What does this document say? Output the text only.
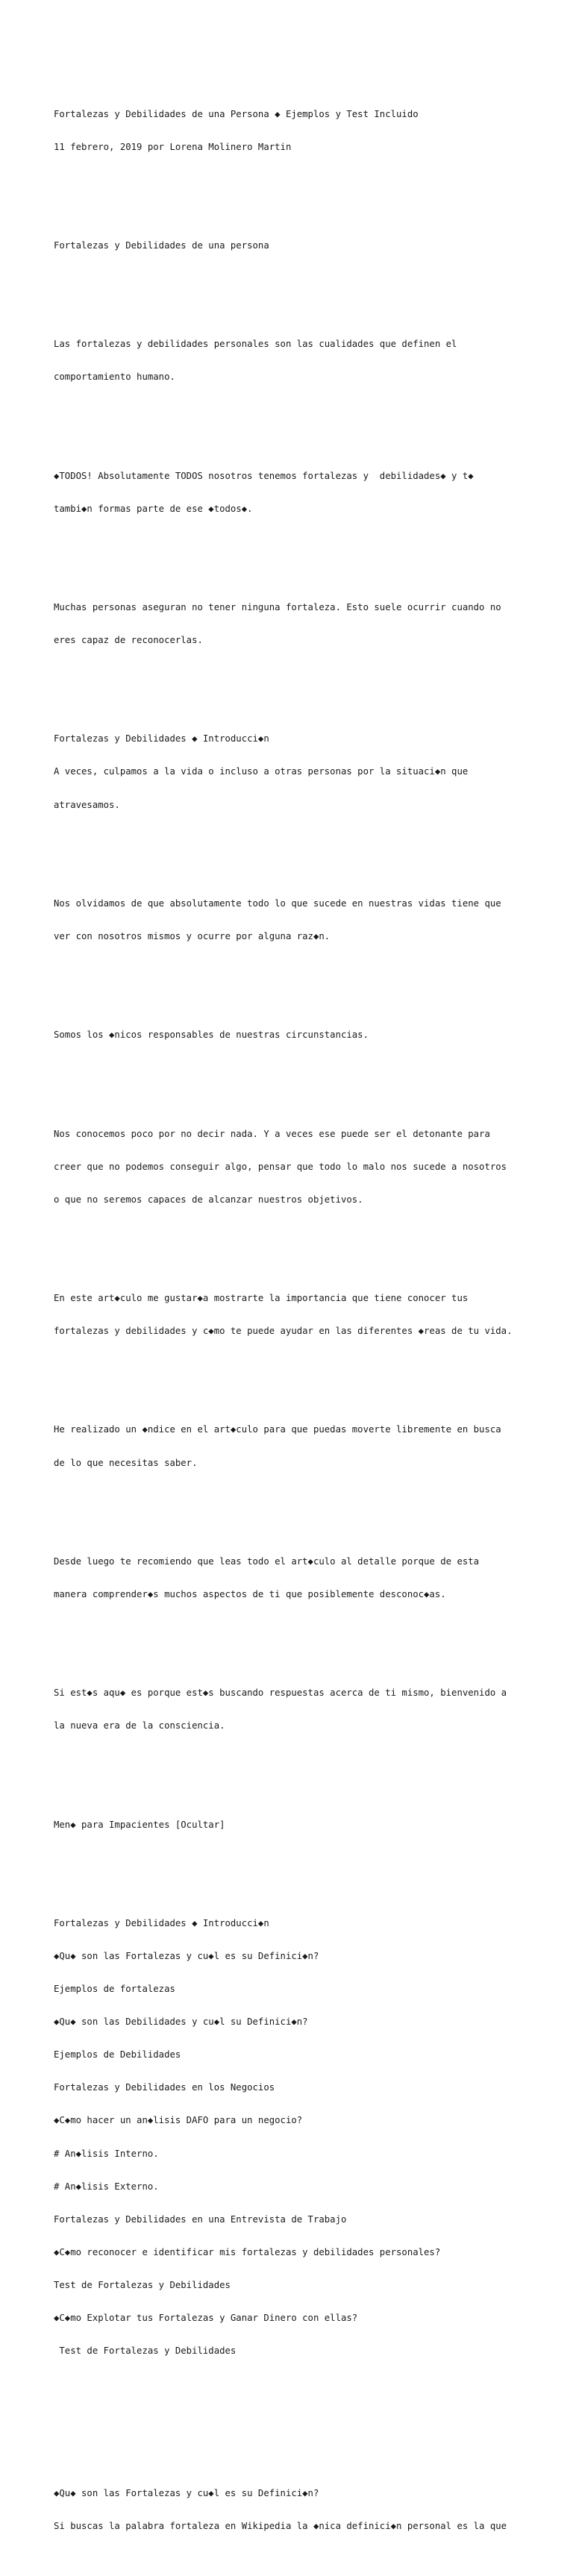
Fortalezas y Debilidades de una Persona ◆ Ejemplos y Test Incluido

11 febrero, 2019 por Lorena Molinero Martin

Fortalezas y Debilidades de una persona

Las fortalezas y debilidades personales son las cualidades que definen el

comportamiento humano.

◆TODOS! Absolutamente TODOS nosotros tenemos fortalezas y  debilidades◆ y t◆

tambi◆n formas parte de ese ◆todos◆.

Muchas personas aseguran no tener ninguna fortaleza. Esto suele ocurrir cuando no

eres capaz de reconocerlas.

Fortalezas y Debilidades ◆ Introducci◆n

A veces, culpamos a la vida o incluso a otras personas por la situaci◆n que

atravesamos.

Nos olvidamos de que absolutamente todo lo que sucede en nuestras vidas tiene que

ver con nosotros mismos y ocurre por alguna raz◆n.

Somos los ◆nicos responsables de nuestras circunstancias.

Nos conocemos poco por no decir nada. Y a veces ese puede ser el detonante para

creer que no podemos conseguir algo, pensar que todo lo malo nos sucede a nosotros

o que no seremos capaces de alcanzar nuestros objetivos.

En este art◆culo me gustar◆a mostrarte la importancia que tiene conocer tus

fortalezas y debilidades y c◆mo te puede ayudar en las diferentes ◆reas de tu vida.

He realizado un ◆ndice en el art◆culo para que puedas moverte libremente en busca

de lo que necesitas saber.

Desde luego te recomiendo que leas todo el art◆culo al detalle porque de esta

manera comprender◆s muchos aspectos de ti que posiblemente desconoc◆as.

Si est◆s aqu◆ es porque est◆s buscando respuestas acerca de ti mismo, bienvenido a

la nueva era de la consciencia.

Men◆ para Impacientes [Ocultar]

Fortalezas y Debilidades ◆ Introducci◆n

◆Qu◆ son las Fortalezas y cu◆l es su Definici◆n?

Ejemplos de fortalezas

◆Qu◆ son las Debilidades y cu◆l su Definici◆n?

Ejemplos de Debilidades

Fortalezas y Debilidades en los Negocios

◆C◆mo hacer un an◆lisis DAFO para un negocio?

# An◆lisis Interno.

# An◆lisis Externo.

Fortalezas y Debilidades en una Entrevista de Trabajo

◆C◆mo reconocer e identificar mis fortalezas y debilidades personales?

Test de Fortalezas y Debilidades

◆C◆mo Explotar tus Fortalezas y Ganar Dinero con ellas?

Test de Fortalezas y Debilidades

◆Qu◆ son las Fortalezas y cu◆l es su Definici◆n?

Si buscas la palabra fortaleza en Wikipedia la ◆nica definici◆n personal es la que
